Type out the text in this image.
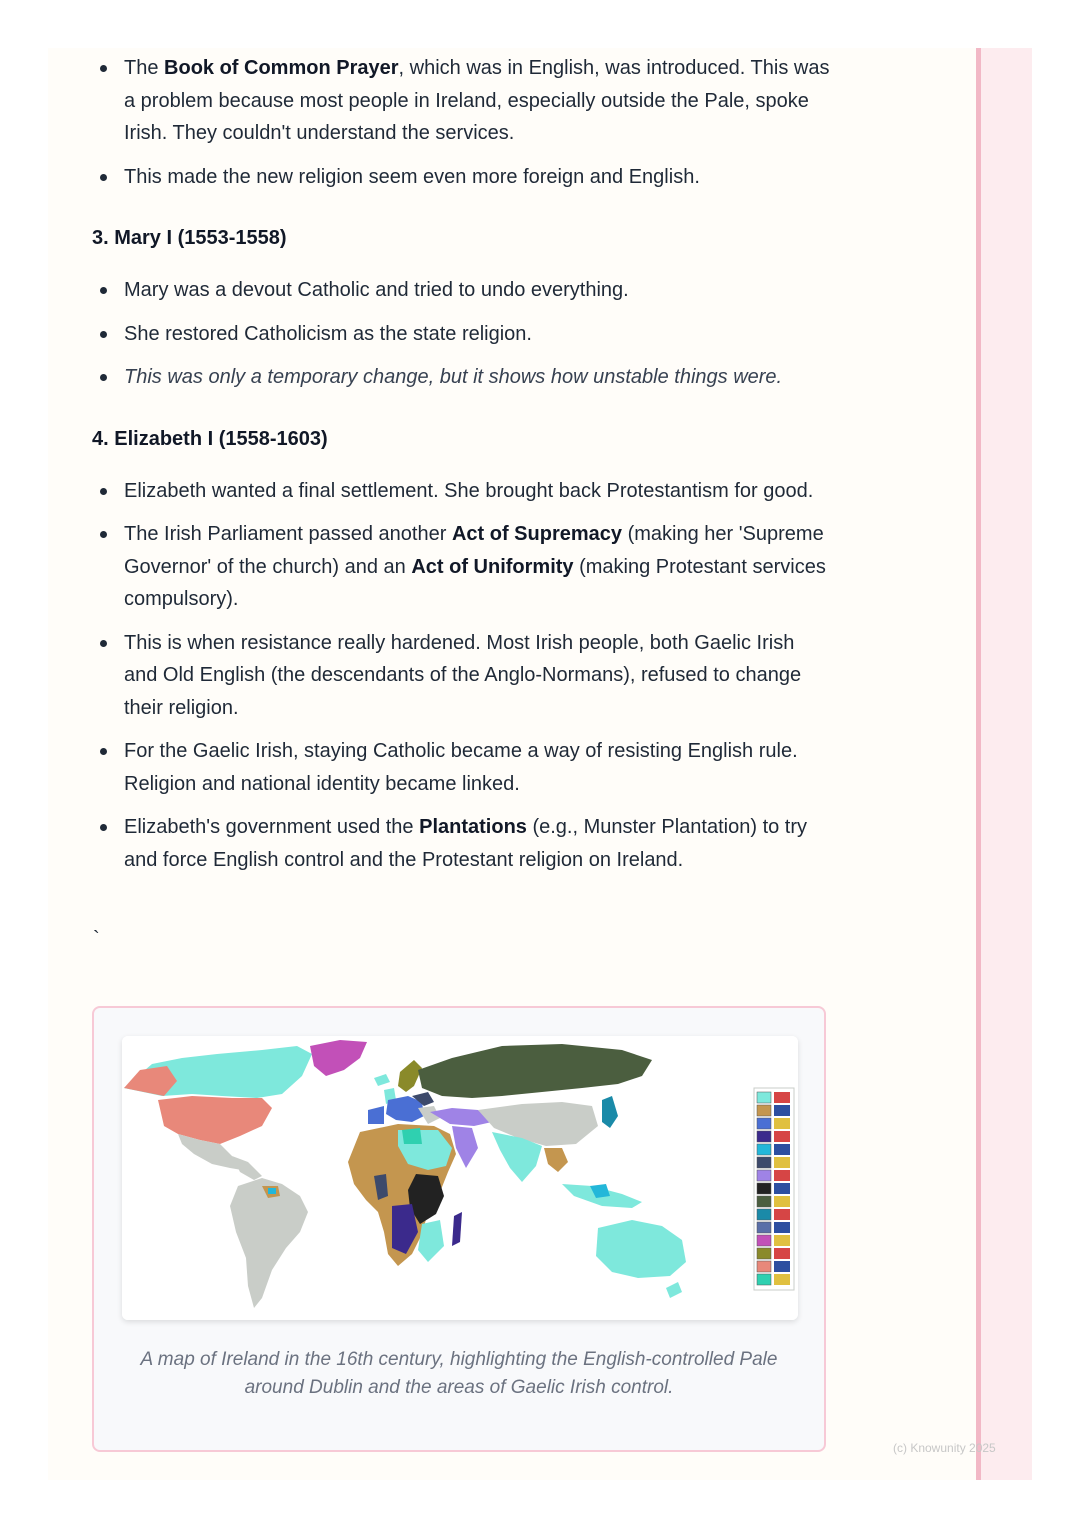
The Book of Common Prayer, which was in English, was introduced. This was a problem because most people in Ireland, especially outside the Pale, spoke Irish. They couldn't understand the services.
This made the new religion seem even more foreign and English.
3. Mary I (1553-1558)
Mary was a devout Catholic and tried to undo everything.
She restored Catholicism as the state religion.
This was only a temporary change, but it shows how unstable things were.
4. Elizabeth I (1558-1603)
Elizabeth wanted a final settlement. She brought back Protestantism for good.
The Irish Parliament passed another Act of Supremacy (making her 'Supreme Governor' of the church) and an Act of Uniformity (making Protestant services compulsory).
This is when resistance really hardened. Most Irish people, both Gaelic Irish and Old English (the descendants of the Anglo-Normans), refused to change their religion.
For the Gaelic Irish, staying Catholic became a way of resisting English rule. Religion and national identity became linked.
Elizabeth's government used the Plantations (e.g., Munster Plantation) to try and force English control and the Protestant religion on Ireland.
`
A map of Ireland in the 16th century, highlighting the English-controlled Pale around Dublin and the areas of Gaelic Irish control.
(c) Knowunity 2025
